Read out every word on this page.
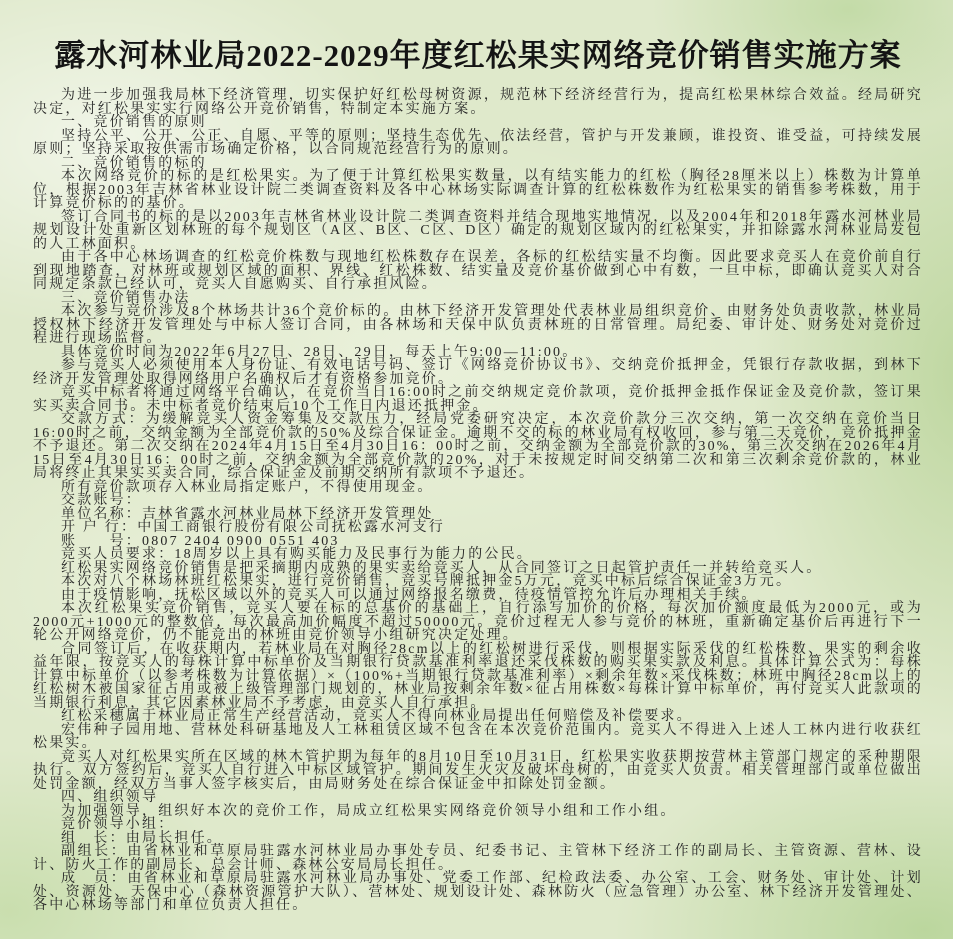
露水河林业局2022-2029年度红松果实网络竞价销售实施方案

为进一步加强我局林下经济管理，切实保护好红松母树资源，规范林下经济经营行为，提高红松果林综合效益。经局研究决定，对红松果实实行网络公开竞价销售，特制定本实施方案。

一、竞价销售的原则

坚持公平、公开、公正、自愿、平等的原则；坚持生态优先、依法经营，管护与开发兼顾，谁投资、谁受益，可持续发展原则；坚持采取按供需市场确定价格，以合同规范经营行为的原则。

二、竞价销售的标的

本次网络竞价的标的是红松果实。为了便于计算红松果实数量，以有结实能力的红松（胸径28厘米以上）株数为计算单位，根据2003年吉林省林业设计院二类调查资料及各中心林场实际调查计算的红松株数作为红松果实的销售参考株数，用于计算竞价标的的基价。

签订合同书的标的是以2003年吉林省林业设计院二类调查资料并结合现地实地情况，以及2004年和2018年露水河林业局规划设计处重新区划林班的每个规划区（A区、B区、C区、D区）确定的规划区域内的红松果实，并扣除露水河林业局发包的人工林面积。

由于各中心林场调查的红松竞价株数与现地红松株数存在误差，各标的红松结实量不均衡。因此要求竞买人在竞价前自行到现地踏查，对林班或规划区域的面积、界线、红松株数、结实量及竞价基价做到心中有数，一旦中标，即确认竞买人对合同规定条款已经认可，竞买人自愿购买、自行承担风险。

三、竞价销售办法

本次参与竞价涉及8个林场共计36个竞价标的。由林下经济开发管理处代表林业局组织竞价、由财务处负责收款，林业局授权林下经济开发管理处与中标人签订合同，由各林场和天保中队负责林班的日常管理。局纪委、审计处、财务处对竞价过程进行现场监督。

具体竞价时间为2022年6月27日、28日、29日，每天上午9:00—11:00。

参与竞买人必须使用本人身份证、有效电话号码、签订《网络竞价协议书》、交纳竞价抵押金，凭银行存款收据，到林下经济开发管理处取得网络用户名确权后才有资格参加竞价。

竞买中标者将通过网络平台确认，在竞价当日16:00时之前交纳规定竞价款项，竞价抵押金抵作保证金及竞价款，签订果实买卖合同书。未中标者竞价结束后10个工作日内退还抵押金。

交款方式：为缓解竞买人资金筹集及交款压力，经局党委研究决定，本次竞价款分三次交纳，第一次交纳在竞价当日16:00时之前，交纳金额为全部竞价款的50%及综合保证金。逾期不交的标的林业局有权收回，参与第二天竞价，竞价抵押金不予退还。第二次交纳在2024年4月15日至4月30日16：00时之前，交纳金额为全部竞价款的30%，第三次交纳在2026年4月15日至4月30日16：00时之前，交纳金额为全部竞价款的20%，对于未按规定时间交纳第二次和第三次剩余竞价款的，林业局将终止其果实买卖合同，综合保证金及前期交纳所有款项不予退还。

所有竞价款项存入林业局指定账户，不得使用现金。

交款账号：

单位名称：吉林省露水河林业局林下经济开发管理处

开 户 行：中国工商银行股份有限公司抚松露水河支行

账　　号：0807 2404 0900 0551 403

竞买人员要求：18周岁以上具有购买能力及民事行为能力的公民。

红松果实网络竞价销售是把采摘期内成熟的果实卖给竞买人，从合同签订之日起管护责任一并转给竞买人。

本次对八个林场林班红松果实，进行竞价销售，竞买号牌抵押金5万元，竞买中标后综合保证金3万元。

由于疫情影响，抚松区域以外的竞买人可以通过网络报名缴费，待疫情管控允许后办理相关手续。

本次红松果实竞价销售，竞买人要在标的总基价的基础上，自行添写加价的价格，每次加价额度最低为2000元，或为2000元+1000元的整数倍，每次最高加价幅度不超过50000元。竞价过程无人参与竞价的林班，重新确定基价后再进行下一轮公开网络竞价，仍不能竞出的林班由竞价领导小组研究决定处理。

合同签订后，在收获期内，若林业局在对胸径28cm以上的红松树进行采伐，则根据实际采伐的红松株数、果实的剩余收益年限，按竞买人的每株计算中标单价及当期银行贷款基准利率退还采伐株数的购买果实款及利息。具体计算公式为：每株计算中标单价（以参考株数为计算依据）×（100%+当期银行贷款基准利率）×剩余年数×采伐株数；林班中胸径28cm以上的红松树木被国家征占用或被上级管理部门规划的，林业局按剩余年数×征占用株数×每株计算中标单价，再付竞买人此款项的当期银行利息，其它因素林业局不予考虑，由竞买人自行承担。

红松采穗属于林业局正常生产经营活动，竞买人不得向林业局提出任何赔偿及补偿要求。

宏伟种子园用地、营林处科研基地及人工林租赁区域不包含在本次竞价范围内。竞买人不得进入上述人工林内进行收获红松果实。

竞买人对红松果实所在区域的林木管护期为每年的8月10日至10月31日，红松果实收获期按营林主管部门规定的采种期限执行。双方签约后，竞买人自行进入中标区域管护。期间发生火灾及破坏母树的，由竞买人负责。相关管理部门或单位做出处罚金额，经双方当事人签字核实后，由局财务处在综合保证金中扣除处罚金额。

四、组织领导

为加强领导，组织好本次的竞价工作，局成立红松果实网络竞价领导小组和工作小组。

竞价领导小组：

组　长：由局长担任。

副组长：由省林业和草原局驻露水河林业局办事处专员、纪委书记、主管林下经济工作的副局长、主管资源、营林、设计、防火工作的副局长、总会计师、森林公安局局长担任。

成　员：由省林业和草原局驻露水河林业局办事处、党委工作部、纪检政法委、办公室、工会、财务处、审计处、计划处、资源处、天保中心（森林资源管护大队）、营林处、规划设计处、森林防火（应急管理）办公室、林下经济开发管理处、各中心林场等部门和单位负责人担任。
